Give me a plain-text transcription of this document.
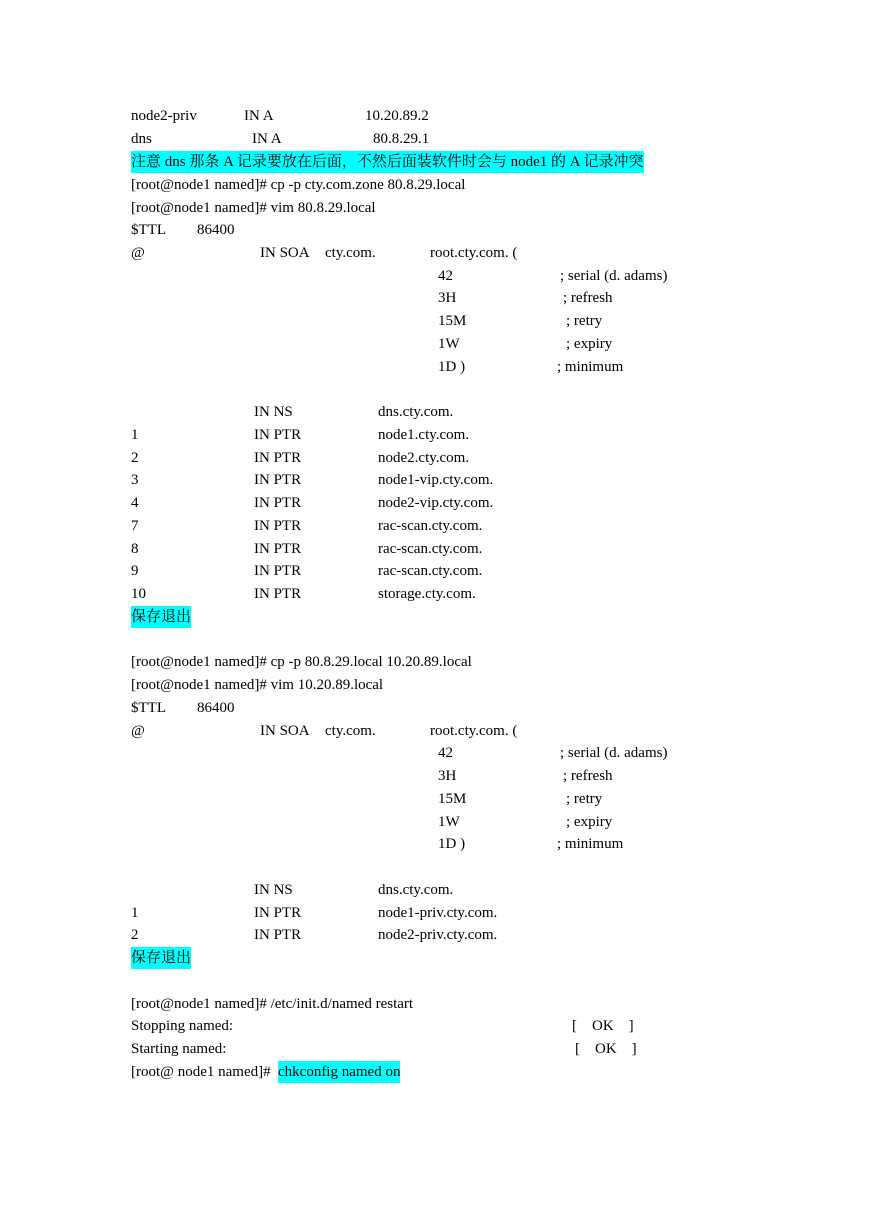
node2-priv	IN A	10.20.89.2
dns	IN A	80.8.29.1
注意 dns 那条 A 记录要放在后面，不然后面装软件时会与 node1 的 A 记录冲突
[root@node1 named]# cp -p cty.com.zone 80.8.29.local
[root@node1 named]# vim 80.8.29.local
$TTL 86400
@	IN SOA cty.com.	root.cty.com. (
42	; serial (d. adams)
3H	; refresh
15M	; retry
1W	; expiry
1D )	; minimum
IN NS	dns.cty.com.
1	IN PTR	node1.cty.com.
2	IN PTR	node2.cty.com.
3	IN PTR	node1-vip.cty.com.
4	IN PTR	node2-vip.cty.com.
7	IN PTR	rac-scan.cty.com.
8	IN PTR	rac-scan.cty.com.
9	IN PTR	rac-scan.cty.com.
10	IN PTR	storage.cty.com.
保存退出
[root@node1 named]# cp -p 80.8.29.local 10.20.89.local
[root@node1 named]# vim 10.20.89.local
$TTL 86400
@	IN SOA cty.com.	root.cty.com. (
42	; serial (d. adams)
3H	; refresh
15M	; retry
1W	; expiry
1D )	; minimum
IN NS	dns.cty.com.
1	IN PTR	node1-priv.cty.com.
2	IN PTR	node2-priv.cty.com.
保存退出
[root@node1 named]# /etc/init.d/named restart
Stopping named:	[    OK    ]
Starting named:	[    OK    ]
[root@ node1 named]# chkconfig named on
